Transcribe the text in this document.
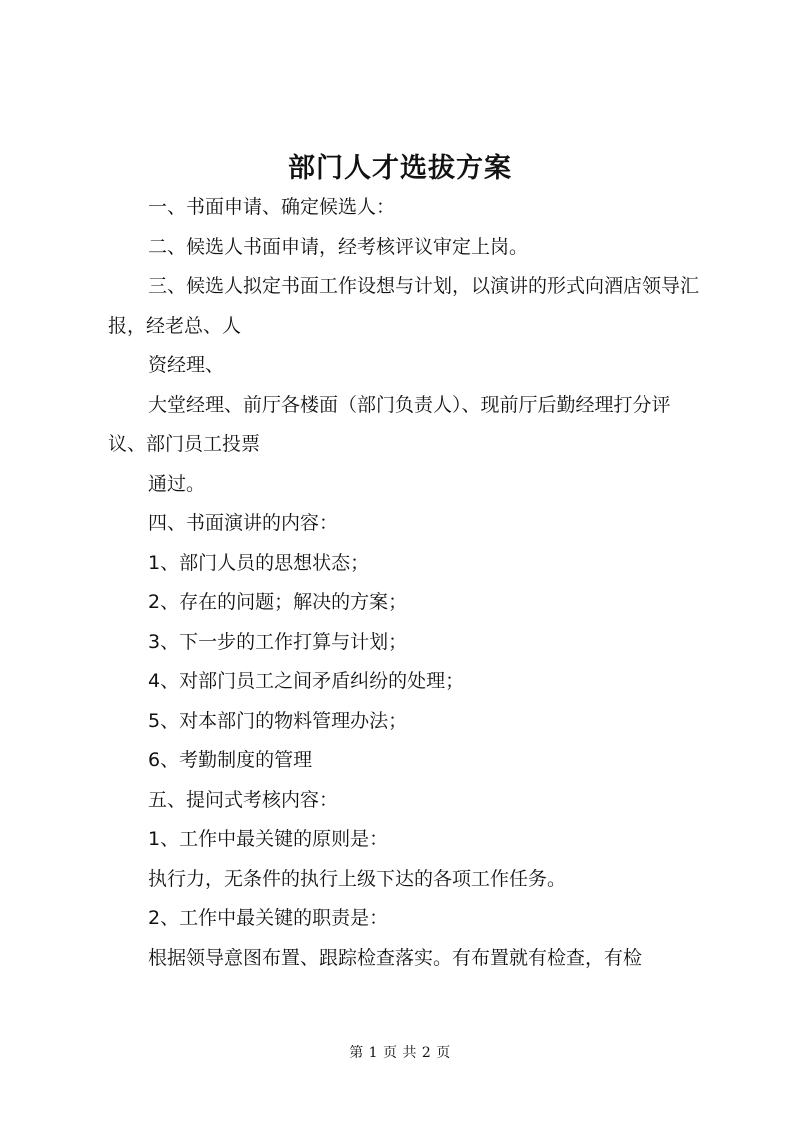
部门人才选拔方案

一、书面申请、确定候选人：

二、候选人书面申请，经考核评议审定上岗。

三、候选人拟定书面工作设想与计划，以演讲的形式向酒店领导汇报，经老总、人

资经理、

大堂经理、前厅各楼面（部门负责人）、现前厅后勤经理打分评议、部门员工投票

通过。

四、书面演讲的内容：

1、部门人员的思想状态；

2、存在的问题；解决的方案；

3、下一步的工作打算与计划；

4、对部门员工之间矛盾纠纷的处理；

5、对本部门的物料管理办法；

6、考勤制度的管理

五、提问式考核内容：

1、工作中最关键的原则是：

执行力，无条件的执行上级下达的各项工作任务。

2、工作中最关键的职责是：

根据领导意图布置、跟踪检查落实。有布置就有检查，有检

第 1 页 共 2 页
